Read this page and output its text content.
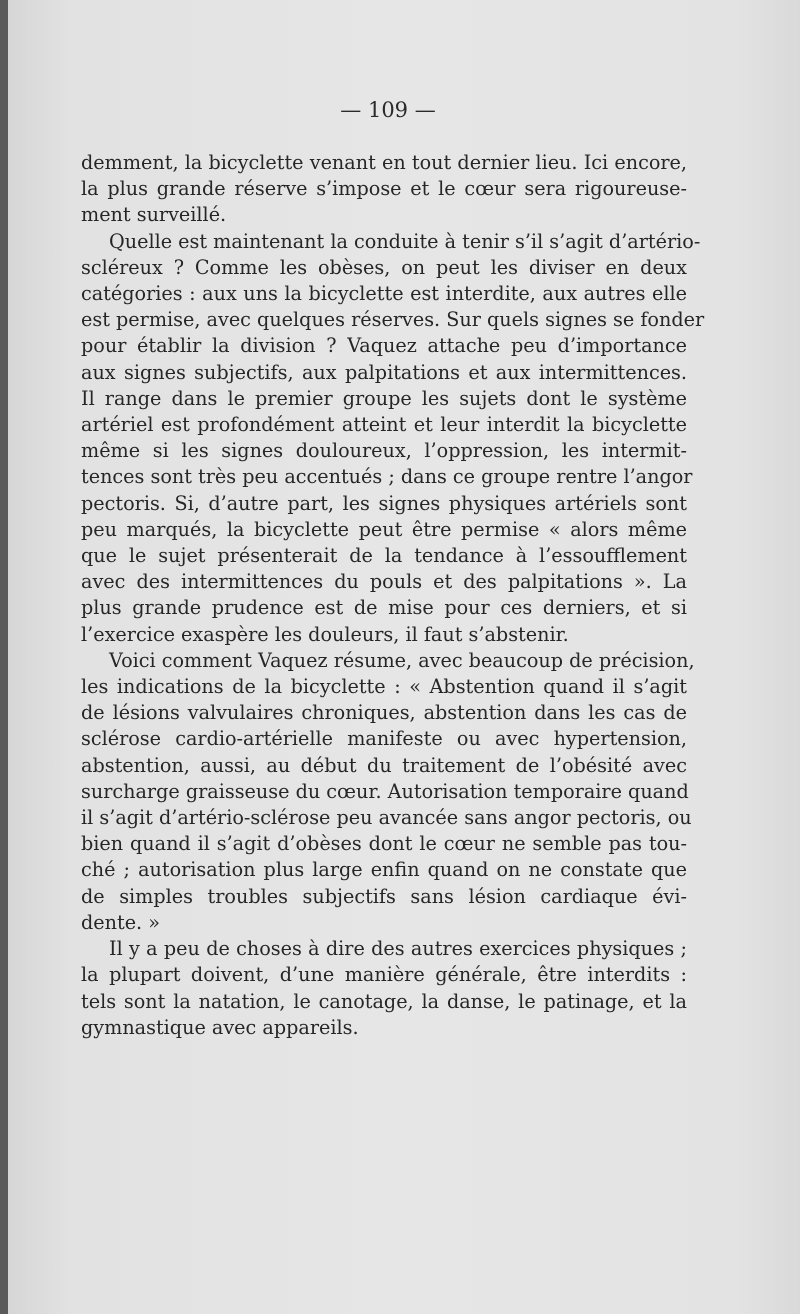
— 109 —

demment, la bicyclette venant en tout dernier lieu. Ici encore,
la plus grande réserve s’impose et le cœur sera rigoureuse-
ment surveillé.

Quelle est maintenant la conduite à tenir s’il s’agit d’artério-
scléreux ? Comme les obèses, on peut les diviser en deux
catégories : aux uns la bicyclette est interdite, aux autres elle
est permise, avec quelques réserves. Sur quels signes se fonder
pour établir la division ? Vaquez attache peu d’importance
aux signes subjectifs, aux palpitations et aux intermittences.
Il range dans le premier groupe les sujets dont le système
artériel est profondément atteint et leur interdit la bicyclette
même si les signes douloureux, l’oppression, les intermit-
tences sont très peu accentués ; dans ce groupe rentre l’angor
pectoris. Si, d’autre part, les signes physiques artériels sont
peu marqués, la bicyclette peut être permise « alors même
que le sujet présenterait de la tendance à l’essoufflement
avec des intermittences du pouls et des palpitations ». La
plus grande prudence est de mise pour ces derniers, et si
l’exercice exaspère les douleurs, il faut s’abstenir.

Voici comment Vaquez résume, avec beaucoup de précision,
les indications de la bicyclette : « Abstention quand il s’agit
de lésions valvulaires chroniques, abstention dans les cas de
sclérose cardio-artérielle manifeste ou avec hypertension,
abstention, aussi, au début du traitement de l’obésité avec
surcharge graisseuse du cœur. Autorisation temporaire quand
il s’agit d’artério-sclérose peu avancée sans angor pectoris, ou
bien quand il s’agit d’obèses dont le cœur ne semble pas tou-
ché ; autorisation plus large enfin quand on ne constate que
de simples troubles subjectifs sans lésion cardiaque évi-
dente. »

Il y a peu de choses à dire des autres exercices physiques ;
la plupart doivent, d’une manière générale, être interdits :
tels sont la natation, le canotage, la danse, le patinage, et la
gymnastique avec appareils.
